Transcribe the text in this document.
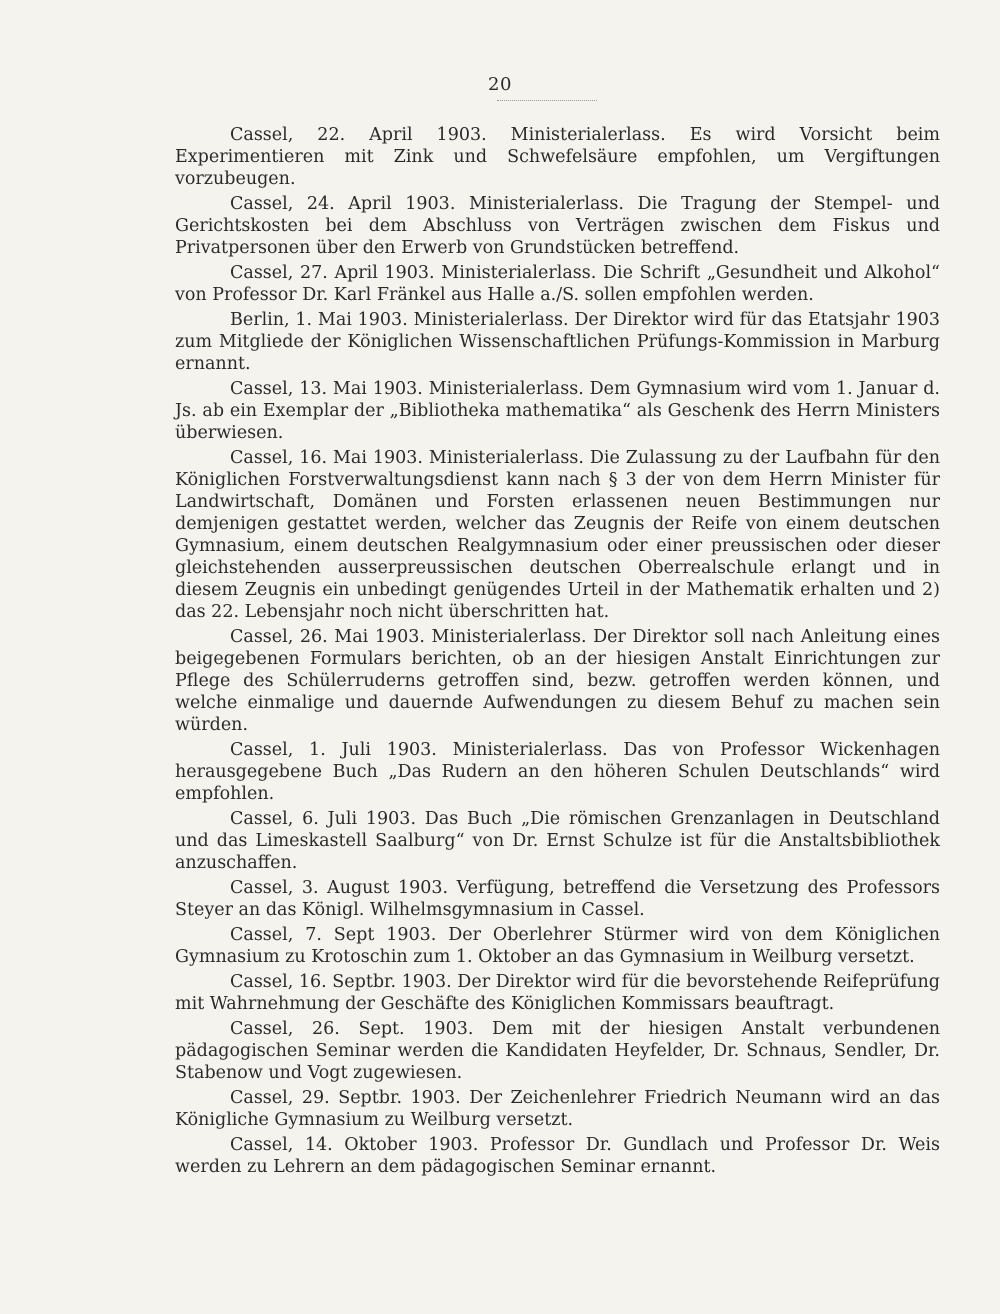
20

Cassel, 22. April 1903. Ministerialerlass. Es wird Vorsicht beim Experimentieren mit Zink und Schwefelsäure empfohlen, um Vergiftungen vorzubeugen.

Cassel, 24. April 1903. Ministerialerlass. Die Tragung der Stempel- und Gerichtskosten bei dem Abschluss von Verträgen zwischen dem Fiskus und Privatpersonen über den Erwerb von Grundstücken betreffend.

Cassel, 27. April 1903. Ministerialerlass. Die Schrift „Gesundheit und Alkohol“ von Professor Dr. Karl Fränkel aus Halle a./S. sollen empfohlen werden.

Berlin, 1. Mai 1903. Ministerialerlass. Der Direktor wird für das Etatsjahr 1903 zum Mitgliede der Königlichen Wissenschaftlichen Prüfungs-Kommission in Marburg ernannt.

Cassel, 13. Mai 1903. Ministerialerlass. Dem Gymnasium wird vom 1. Januar d. Js. ab ein Exemplar der „Bibliotheka mathematika“ als Geschenk des Herrn Ministers überwiesen.

Cassel, 16. Mai 1903. Ministerialerlass. Die Zulassung zu der Laufbahn für den Königlichen Forstverwaltungsdienst kann nach § 3 der von dem Herrn Minister für Landwirtschaft, Domänen und Forsten erlassenen neuen Bestimmungen nur demjenigen gestattet werden, welcher das Zeugnis der Reife von einem deutschen Gymnasium, einem deutschen Realgymnasium oder einer preussischen oder dieser gleichstehenden ausserpreussischen deutschen Oberrealschule erlangt und in diesem Zeugnis ein unbedingt genügendes Urteil in der Mathematik erhalten und 2) das 22. Lebensjahr noch nicht überschritten hat.

Cassel, 26. Mai 1903. Ministerialerlass. Der Direktor soll nach Anleitung eines beigegebenen Formulars berichten, ob an der hiesigen Anstalt Einrichtungen zur Pflege des Schülerruderns getroffen sind, bezw. getroffen werden können, und welche einmalige und dauernde Aufwendungen zu diesem Behuf zu machen sein würden.

Cassel, 1. Juli 1903. Ministerialerlass. Das von Professor Wickenhagen herausgegebene Buch „Das Rudern an den höheren Schulen Deutschlands“ wird empfohlen.

Cassel, 6. Juli 1903. Das Buch „Die römischen Grenzanlagen in Deutschland und das Limeskastell Saalburg“ von Dr. Ernst Schulze ist für die Anstaltsbibliothek anzuschaffen.

Cassel, 3. August 1903. Verfügung, betreffend die Versetzung des Professors Steyer an das Königl. Wilhelmsgymnasium in Cassel.

Cassel, 7. Sept 1903. Der Oberlehrer Stürmer wird von dem Königlichen Gymnasium zu Krotoschin zum 1. Oktober an das Gymnasium in Weilburg versetzt.

Cassel, 16. Septbr. 1903. Der Direktor wird für die bevorstehende Reifeprüfung mit Wahrnehmung der Geschäfte des Königlichen Kommissars beauftragt.

Cassel, 26. Sept. 1903. Dem mit der hiesigen Anstalt verbundenen pädagogischen Seminar werden die Kandidaten Heyfelder, Dr. Schnaus, Sendler, Dr. Stabenow und Vogt zugewiesen.

Cassel, 29. Septbr. 1903. Der Zeichenlehrer Friedrich Neumann wird an das Königliche Gymnasium zu Weilburg versetzt.

Cassel, 14. Oktober 1903. Professor Dr. Gundlach und Professor Dr. Weis werden zu Lehrern an dem pädagogischen Seminar ernannt.
